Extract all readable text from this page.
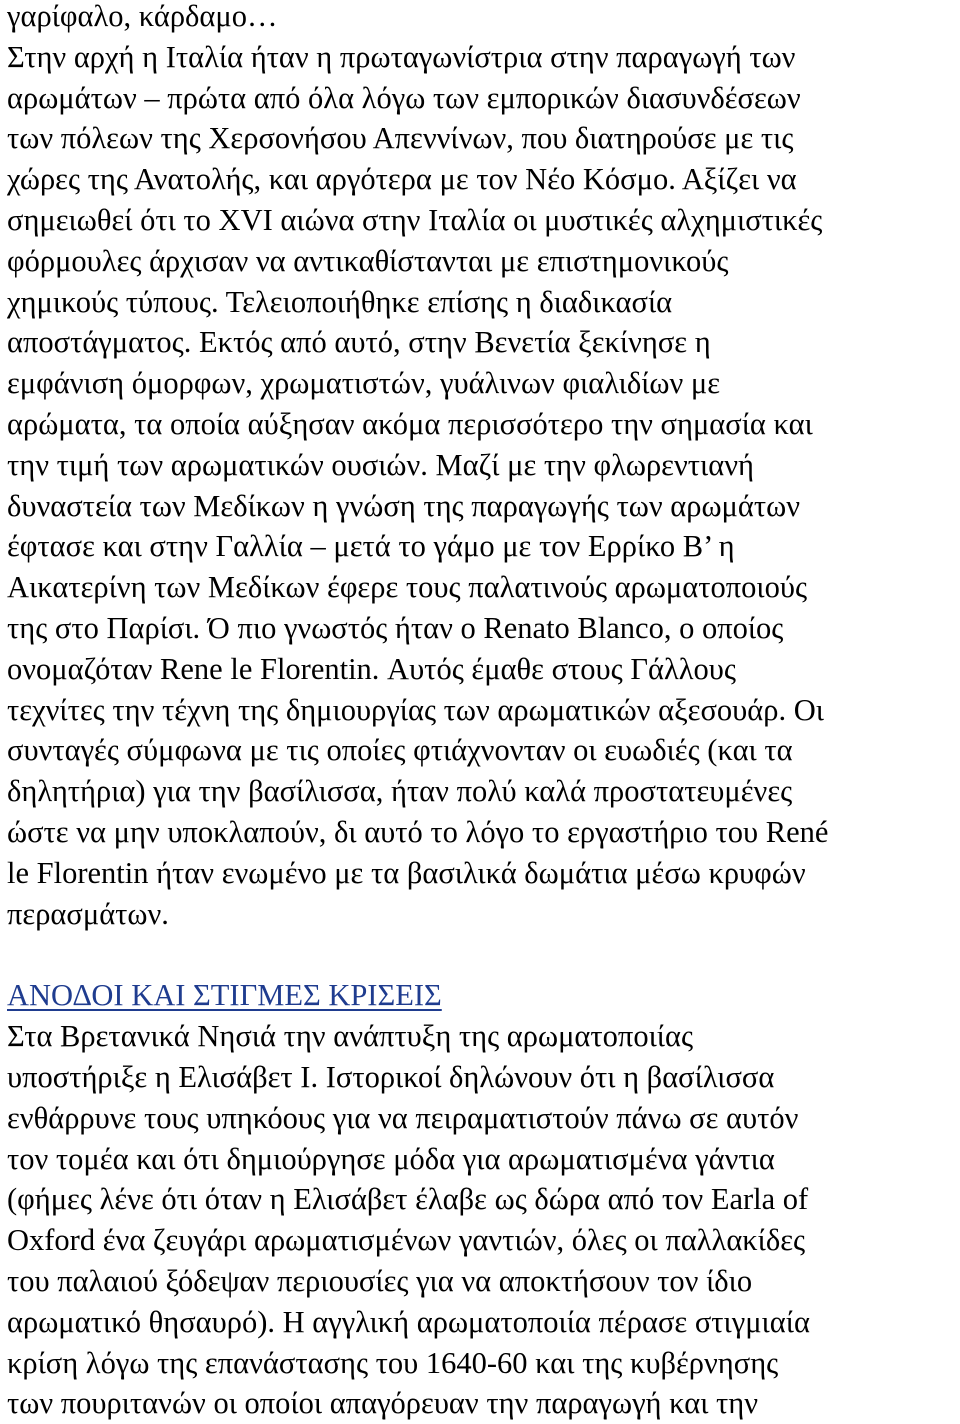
γαρίφαλο, κάρδαμο…
Στην αρχή η Ιταλία ήταν η πρωταγωνίστρια στην παραγωγή των
αρωμάτων – πρώτα από όλα λόγω των εμπορικών διασυνδέσεων
των πόλεων της Χερσονήσου Απεννίνων, που διατηρούσε με τις
χώρες της Ανατολής, και αργότερα με τον Νέο Κόσμο. Αξίζει να
σημειωθεί ότι το XVI αιώνα στην Ιταλία οι μυστικές αλχημιστικές
φόρμουλες άρχισαν να αντικαθίστανται με επιστημονικούς
χημικούς τύπους. Τελειοποιήθηκε επίσης η διαδικασία
αποστάγματος. Εκτός από αυτό, στην Βενετία ξεκίνησε η
εμφάνιση όμορφων, χρωματιστών, γυάλινων φιαλιδίων με
αρώματα, τα οποία αύξησαν ακόμα περισσότερο την σημασία και
την τιμή των αρωματικών ουσιών. Μαζί με την φλωρεντιανή
δυναστεία των Μεδίκων η γνώση της παραγωγής των αρωμάτων
έφτασε και στην Γαλλία – μετά το γάμο με τον Ερρίκο Β’ η
Αικατερίνη των Μεδίκων έφερε τους παλατινούς αρωματοποιούς
της στο Παρίσι. Ό πιο γνωστός ήταν ο Renato Blanco, ο οποίος
ονομαζόταν Rene le Florentin. Αυτός έμαθε στους Γάλλους
τεχνίτες την τέχνη της δημιουργίας των αρωματικών αξεσουάρ. Οι
συνταγές σύμφωνα με τις οποίες φτιάχνονταν οι ευωδιές (και τα
δηλητήρια) για την βασίλισσα, ήταν πολύ καλά προστατευμένες
ώστε να μην υποκλαπούν, δι αυτό το λόγο το εργαστήριο του René
le Florentin ήταν ενωμένο με τα βασιλικά δωμάτια μέσω κρυφών
περασμάτων.
ΑΝΟΔΟΙ ΚΑΙ ΣΤΙΓΜΕΣ ΚΡΙΣΕΙΣ
Στα Βρετανικά Νησιά την ανάπτυξη της αρωματοποιίας
υποστήριξε η Ελισάβετ Ι. Ιστορικοί δηλώνουν ότι η βασίλισσα
ενθάρρυνε τους υπηκόους για να πειραματιστούν πάνω σε αυτόν
τον τομέα και ότι δημιούργησε μόδα για αρωματισμένα γάντια
(φήμες λένε ότι όταν η Ελισάβετ έλαβε ως δώρα από τον Earla of
Oxford ένα ζευγάρι αρωματισμένων γαντιών, όλες οι παλλακίδες
του παλαιού ξόδεψαν περιουσίες για να αποκτήσουν τον ίδιο
αρωματικό θησαυρό). Η αγγλική αρωματοποιία πέρασε στιγμιαία
κρίση λόγω της επανάστασης του 1640-60 και της κυβέρνησης
των πουριτανών οι οποίοι απαγόρευαν την παραγωγή και την
